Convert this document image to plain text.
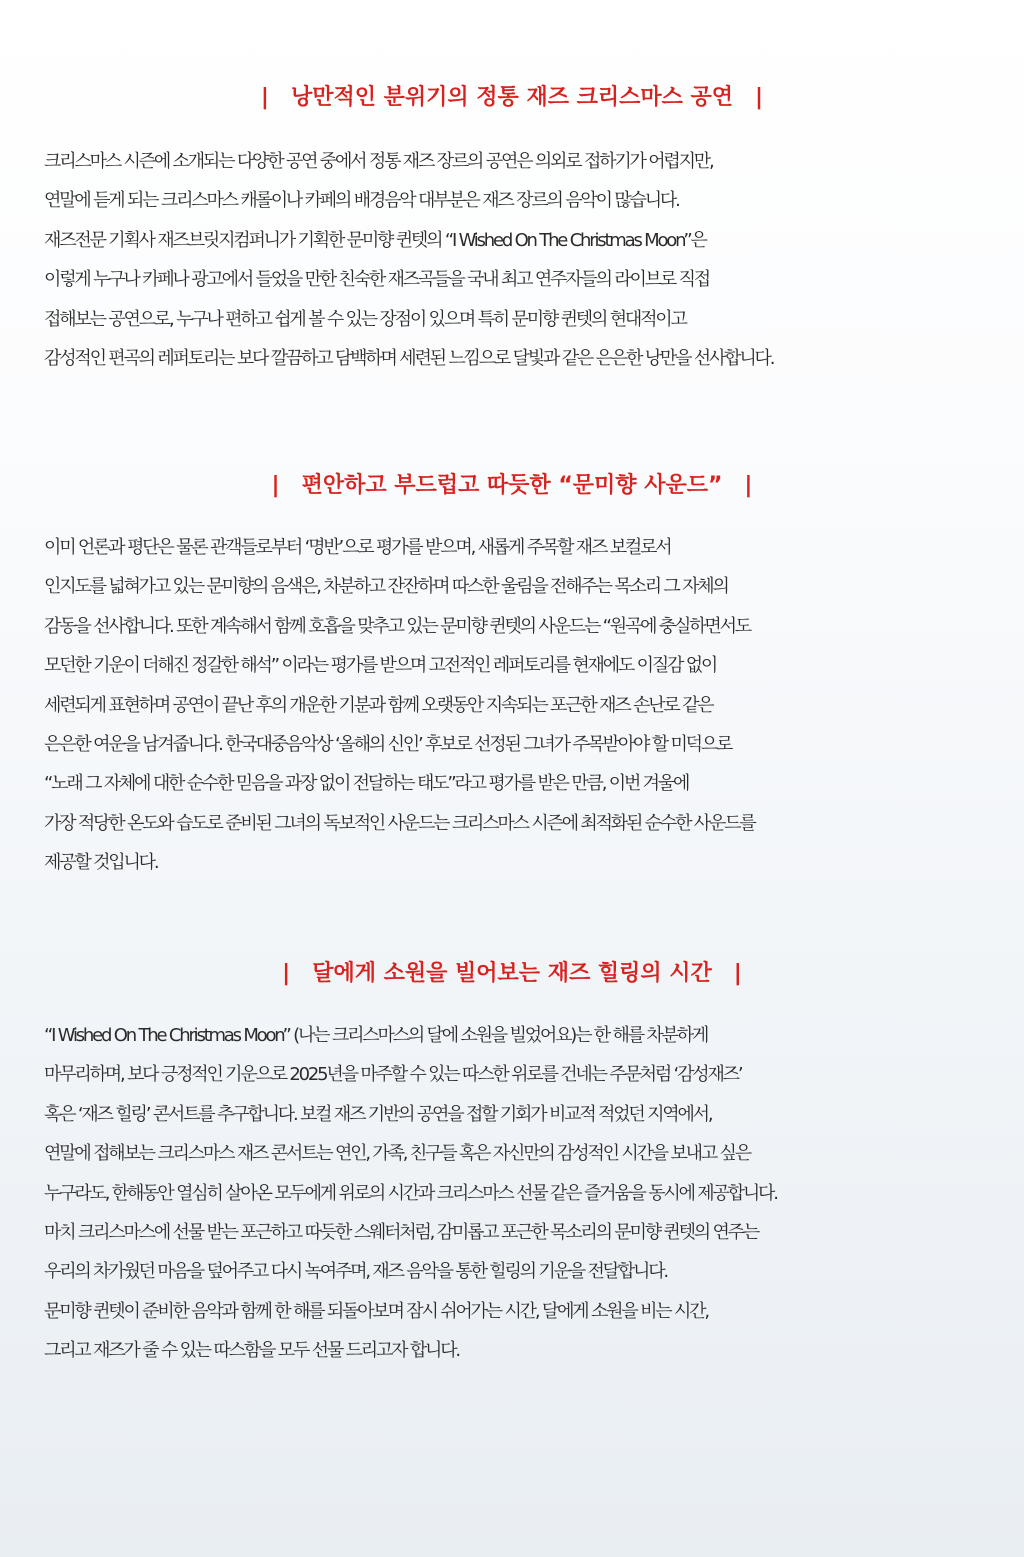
| 낭만적인 분위기의 정통 재즈 크리스마스 공연 |
크리스마스 시즌에 소개되는 다양한 공연 중에서 정통 재즈 장르의 공연은 의외로 접하기가 어렵지만,
연말에 듣게 되는 크리스마스 캐롤이나 카페의 배경음악 대부분은 재즈 장르의 음악이 많습니다.
재즈전문 기획사 재즈브릿지컴퍼니가 기획한 문미향 퀸텟의 “I Wished On The Christmas Moon”은
이렇게 누구나 카페나 광고에서 들었을 만한 친숙한 재즈곡들을 국내 최고 연주자들의 라이브로 직접
접해보는 공연으로, 누구나 편하고 쉽게 볼 수 있는 장점이 있으며 특히 문미향 퀸텟의 현대적이고
감성적인 편곡의 레퍼토리는 보다 깔끔하고 담백하며 세련된 느낌으로 달빛과 같은 은은한 낭만을 선사합니다.
| 편안하고 부드럽고 따듯한 “문미향 사운드” |
이미 언론과 평단은 물론 관객들로부터 ‘명반’으로 평가를 받으며, 새롭게 주목할 재즈 보컬로서
인지도를 넓혀가고 있는 문미향의 음색은, 차분하고 잔잔하며 따스한 울림을 전해주는 목소리 그 자체의
감동을 선사합니다. 또한 계속해서 함께 호흡을 맞추고 있는 문미향 퀸텟의 사운드는 “원곡에 충실하면서도
모던한 기운이 더해진 정갈한 해석” 이라는 평가를 받으며 고전적인 레퍼토리를 현재에도 이질감 없이
세련되게 표현하며 공연이 끝난 후의 개운한 기분과 함께 오랫동안 지속되는 포근한 재즈 손난로 같은
은은한 여운을 남겨줍니다. 한국대중음악상 ‘올해의 신인’ 후보로 선정된 그녀가 주목받아야 할 미덕으로
“노래 그 자체에 대한 순수한 믿음을 과장 없이 전달하는 태도”라고 평가를 받은 만큼, 이번 겨울에
가장 적당한 온도와 습도로 준비된 그녀의 독보적인 사운드는 크리스마스 시즌에 최적화된 순수한 사운드를
제공할 것입니다.
| 달에게 소원을 빌어보는 재즈 힐링의 시간 |
“I Wished On The Christmas Moon” (나는 크리스마스의 달에 소원을 빌었어요)는 한 해를 차분하게
마무리하며, 보다 긍정적인 기운으로 2025년을 마주할 수 있는 따스한 위로를 건네는 주문처럼 ‘감성재즈’
혹은 ‘재즈 힐링’ 콘서트를 추구합니다. 보컬 재즈 기반의 공연을 접할 기회가 비교적 적었던 지역에서,
연말에 접해보는 크리스마스 재즈 콘서트는 연인, 가족, 친구들 혹은 자신만의 감성적인 시간을 보내고 싶은
누구라도, 한해동안 열심히 살아온 모두에게 위로의 시간과 크리스마스 선물 같은 즐거움을 동시에 제공합니다.
마치 크리스마스에 선물 받는 포근하고 따듯한 스웨터처럼, 감미롭고 포근한 목소리의 문미향 퀸텟의 연주는
우리의 차가웠던 마음을 덮어주고 다시 녹여주며, 재즈 음악을 통한 힐링의 기운을 전달합니다.
문미향 퀸텟이 준비한 음악과 함께 한 해를 되돌아보며 잠시 쉬어가는 시간, 달에게 소원을 비는 시간,
그리고 재즈가 줄 수 있는 따스함을 모두 선물 드리고자 합니다.
